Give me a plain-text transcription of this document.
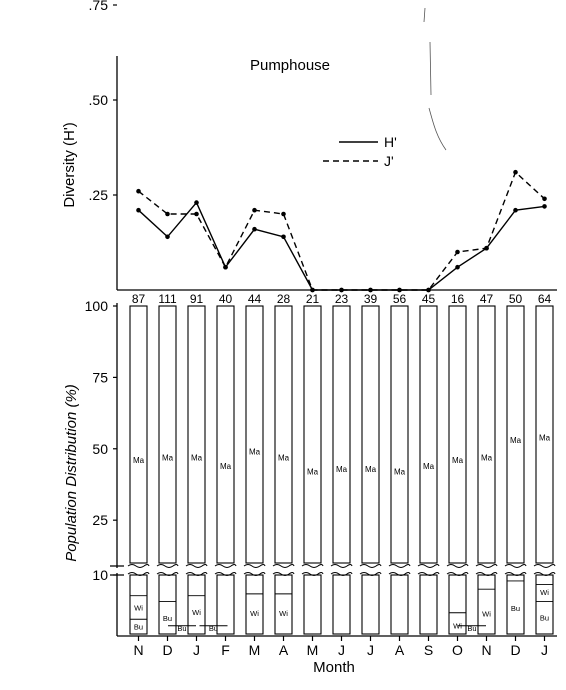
Pumphouse
Diversity (H') .25
.50
.75
H'
J'
87 111 91 40 44 28 21 23 39 56 45 16 47 50 64
Population Distribution (%)
10
25
50
75
100
Ma
Wi
Bu
Ma
Bu
Ma
Wi
Ma
Ma
Wi
Ma
Wi
Ma Ma Ma Ma
Ma
Ma
Wi
Ma
Wi
Ma
Bu
Ma
Wi
Bu
Bu	Bu	Bu
N D J F M A M J J A S O N D J
Month
